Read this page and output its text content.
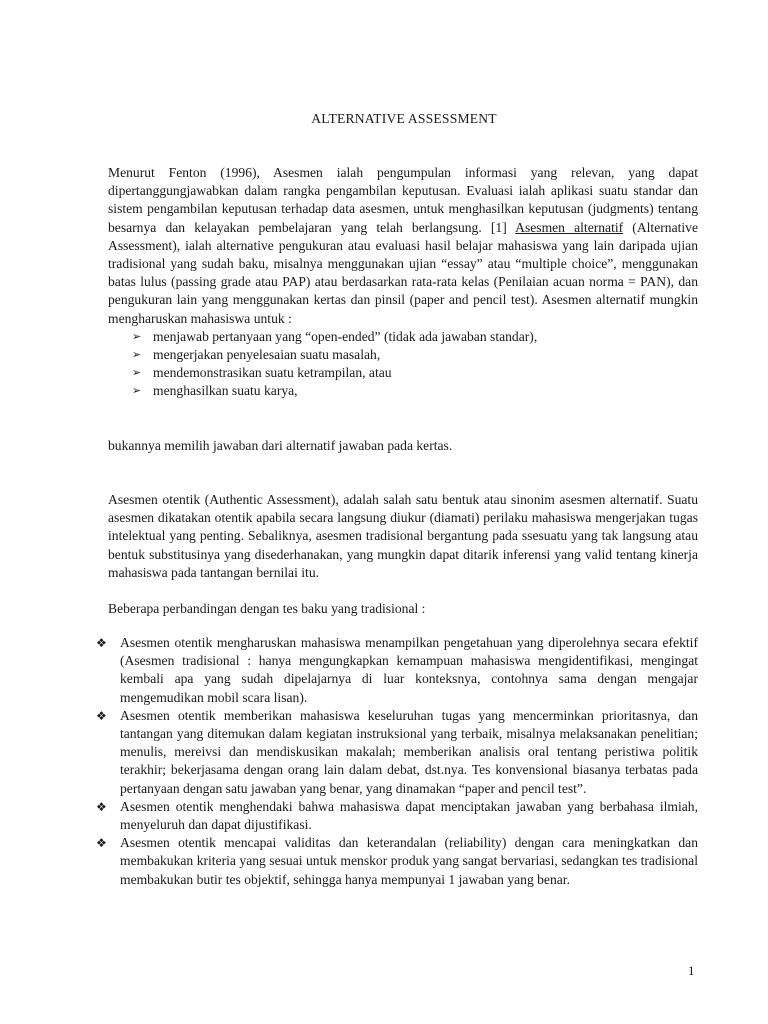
ALTERNATIVE ASSESSMENT

Menurut Fenton (1996), Asesmen ialah pengumpulan informasi yang relevan, yang dapat dipertanggungjawabkan dalam rangka pengambilan keputusan. Evaluasi ialah aplikasi suatu standar dan sistem pengambilan keputusan terhadap data asesmen, untuk menghasilkan keputusan (judgments) tentang besarnya dan kelayakan pembelajaran yang telah berlangsung. [1] Asesmen alternatif (Alternative Assessment), ialah alternative pengukuran atau evaluasi hasil belajar mahasiswa yang lain daripada ujian tradisional yang sudah baku, misalnya menggunakan ujian “essay” atau “multiple choice”, menggunakan batas lulus (passing grade atau PAP) atau berdasarkan rata-rata kelas (Penilaian acuan norma = PAN), dan pengukuran lain yang menggunakan kertas dan pinsil (paper and pencil test). Asesmen alternatif mungkin mengharuskan mahasiswa untuk :

➢ menjawab pertanyaan yang “open-ended” (tidak ada jawaban standar),
➢ mengerjakan penyelesaian suatu masalah,
➢ mendemonstrasikan suatu ketrampilan, atau
➢ menghasilkan suatu karya,

bukannya memilih jawaban dari alternatif jawaban pada kertas.

Asesmen otentik (Authentic Assessment), adalah salah satu bentuk atau sinonim asesmen alternatif. Suatu asesmen dikatakan otentik apabila secara langsung diukur (diamati) perilaku mahasiswa mengerjakan tugas intelektual yang penting. Sebaliknya, asesmen tradisional bergantung pada ssesuatu yang tak langsung atau bentuk substitusinya yang disederhanakan, yang mungkin dapat ditarik inferensi yang valid tentang kinerja mahasiswa pada tantangan bernilai itu.

Beberapa perbandingan dengan tes baku yang tradisional :

❖ Asesmen otentik mengharuskan mahasiswa menampilkan pengetahuan yang diperolehnya secara efektif (Asesmen tradisional : hanya mengungkapkan kemampuan mahasiswa mengidentifikasi, mengingat kembali apa yang sudah dipelajarnya di luar konteksnya, contohnya sama dengan mengajar mengemudikan mobil scara lisan).
❖ Asesmen otentik memberikan mahasiswa keseluruhan tugas yang mencerminkan prioritasnya, dan tantangan yang ditemukan dalam kegiatan instruksional yang terbaik, misalnya melaksanakan penelitian; menulis, mereivsi dan mendiskusikan makalah; memberikan analisis oral tentang peristiwa politik terakhir; bekerjasama dengan orang lain dalam debat, dst.nya. Tes konvensional biasanya terbatas pada pertanyaan dengan satu jawaban yang benar, yang dinamakan “paper and pencil test”.
❖ Asesmen otentik menghendaki bahwa mahasiswa dapat menciptakan jawaban yang berbahasa ilmiah, menyeluruh dan dapat dijustifikasi.
❖ Asesmen otentik mencapai validitas dan keterandalan (reliability) dengan cara meningkatkan dan membakukan kriteria yang sesuai untuk menskor produk yang sangat bervariasi, sedangkan tes tradisional membakukan butir tes objektif, sehingga hanya mempunyai 1 jawaban yang benar.
1
